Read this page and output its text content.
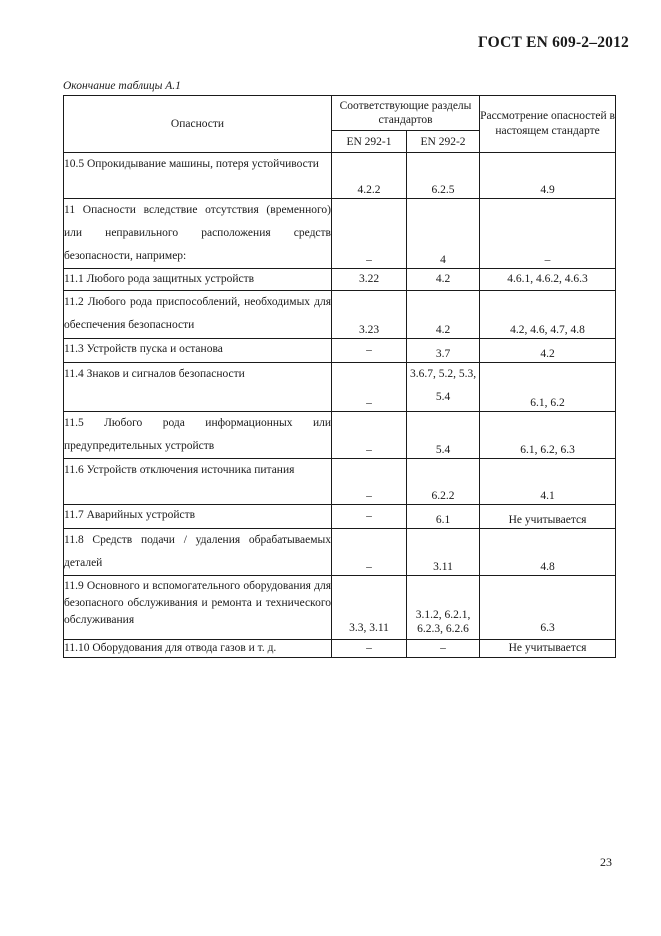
ГОСТ EN 609-2–2012
Окончание таблицы А.1
Опасности	Соответствующие разделы стандартов		Рассмотрение опасностей в настоящем стандарте
	EN 292-1	EN 292-2	
10.5 Опрокидывание машины, потеря устойчивости	4.2.2	6.2.5	4.9
11 Опасности вследствие отсутствия (временного) или неправильного расположения средств безопасности, например:	–	4	–
11.1 Любого рода защитных устройств	3.22	4.2	4.6.1, 4.6.2, 4.6.3
11.2 Любого рода приспособлений, необходимых для обеспечения безопасности	3.23	4.2	4.2, 4.6, 4.7, 4.8
11.3 Устройств пуска и останова	–	3.7	4.2
11.4 Знаков и сигналов безопасности	–	3.6.7, 5.2, 5.3, 5.4	6.1, 6.2
11.5 Любого рода информационных или предупредительных устройств	–	5.4	6.1, 6.2, 6.3
11.6 Устройств отключения источника питания	–	6.2.2	4.1
11.7 Аварийных устройств	–	6.1	Не учитывается
11.8 Средств подачи / удаления обрабатываемых деталей	–	3.11	4.8
11.9 Основного и вспомогательного оборудования для безопасного обслуживания и ремонта и технического обслуживания	3.3, 3.11	3.1.2, 6.2.1, 6.2.3, 6.2.6	6.3
11.10 Оборудования для отвода газов и т. д.	–	–	Не учитывается
23
